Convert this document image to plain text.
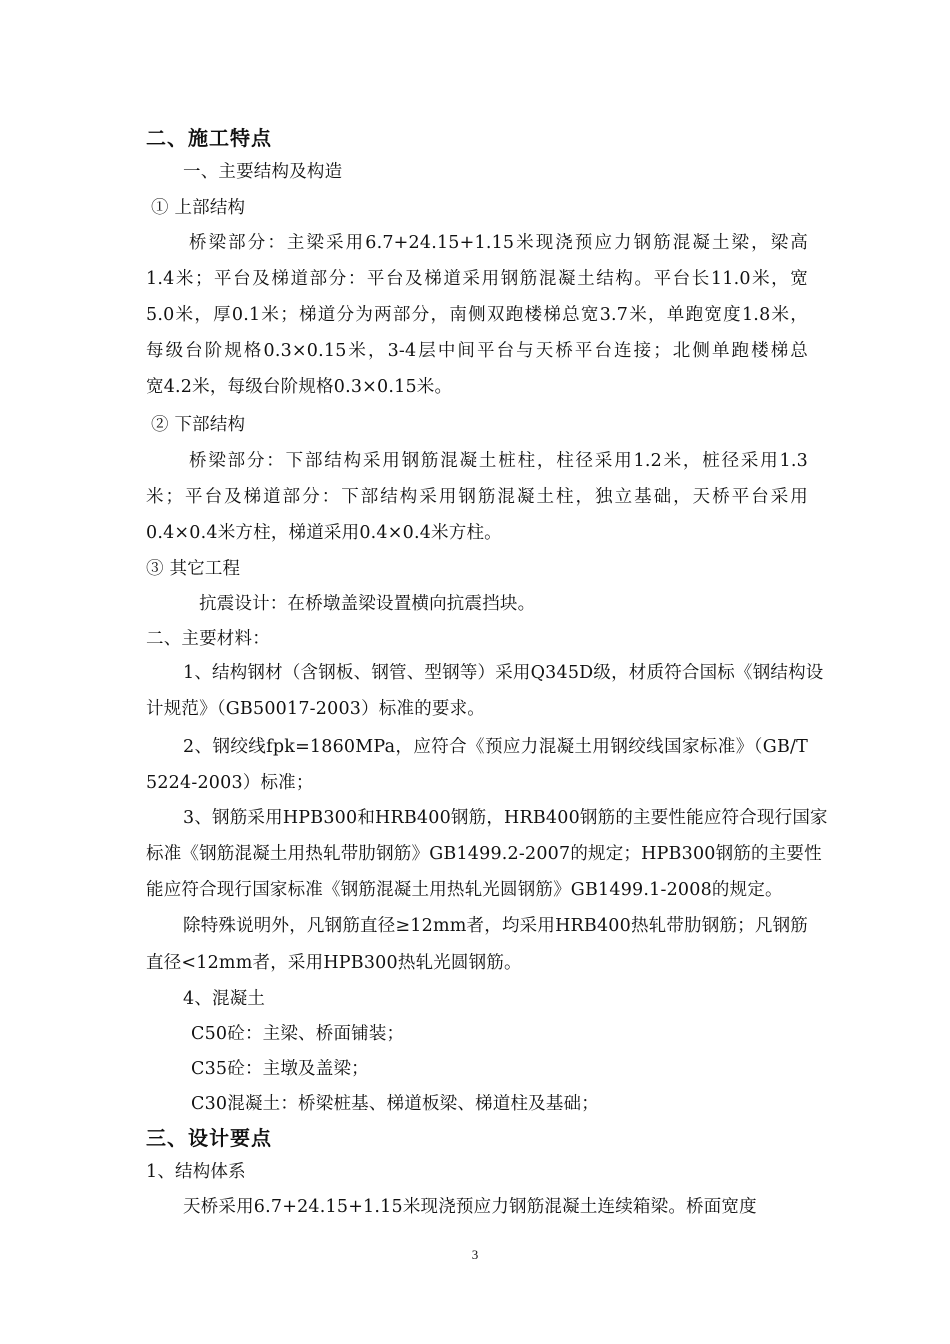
二、施工特点
一、主要结构及构造
① 上部结构
桥梁部分：主梁采用6.7+24.15+1.15米现浇预应力钢筋混凝土梁，梁高
1.4米；平台及梯道部分：平台及梯道采用钢筋混凝土结构。平台长11.0米，宽
5.0米，厚0.1米；梯道分为两部分，南侧双跑楼梯总宽3.7米，单跑宽度1.8米，
每级台阶规格0.3×0.15米，3-4层中间平台与天桥平台连接；北侧单跑楼梯总
宽4.2米，每级台阶规格0.3×0.15米。
② 下部结构
桥梁部分：下部结构采用钢筋混凝土桩柱，柱径采用1.2米，桩径采用1.3
米；平台及梯道部分：下部结构采用钢筋混凝土柱，独立基础，天桥平台采用
0.4×0.4米方柱，梯道采用0.4×0.4米方柱。
③ 其它工程
抗震设计：在桥墩盖梁设置横向抗震挡块。
二、主要材料：
1、结构钢材（含钢板、钢管、型钢等）采用Q345D级，材质符合国标《钢结构设
计规范》（GB50017-2003）标准的要求。
2、钢绞线fpk=1860MPa，应符合《预应力混凝土用钢绞线国家标准》（GB/T
5224-2003）标准；
3、钢筋采用HPB300和HRB400钢筋，HRB400钢筋的主要性能应符合现行国家
标准《钢筋混凝土用热轧带肋钢筋》GB1499.2-2007的规定；HPB300钢筋的主要性
能应符合现行国家标准《钢筋混凝土用热轧光圆钢筋》GB1499.1-2008的规定。
除特殊说明外，凡钢筋直径≥12mm者，均采用HRB400热轧带肋钢筋；凡钢筋
直径<12mm者，采用HPB300热轧光圆钢筋。
4、混凝土
C50砼：主梁、桥面铺装；
C35砼：主墩及盖梁；
C30混凝土：桥梁桩基、梯道板梁、梯道柱及基础；
三、设计要点
1、结构体系
天桥采用6.7+24.15+1.15米现浇预应力钢筋混凝土连续箱梁。桥面宽度
3
